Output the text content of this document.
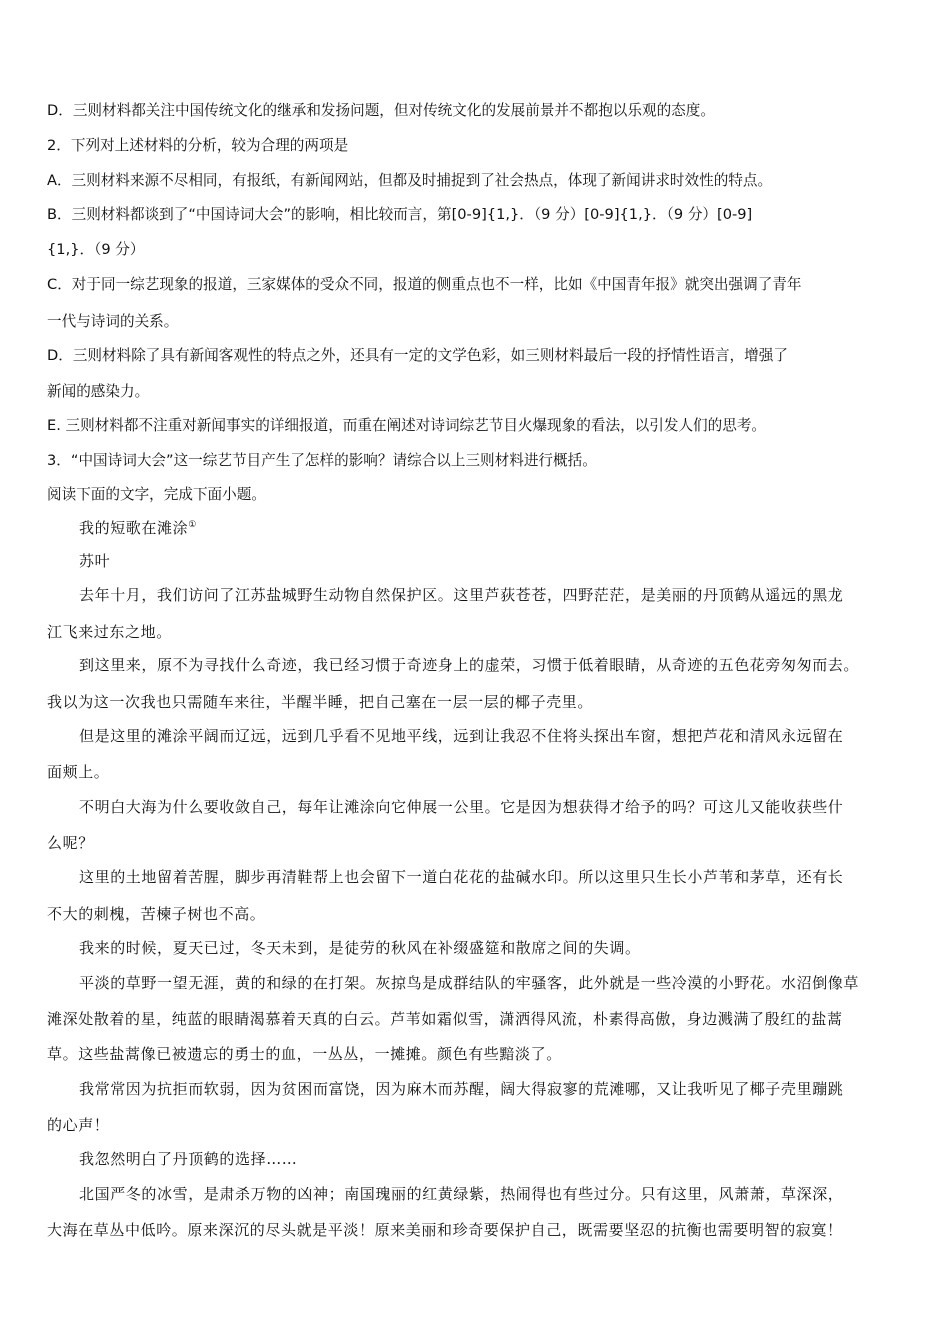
D．三则材料都关注中国传统文化的继承和发扬问题，但对传统文化的发展前景并不都抱以乐观的态度。
2．下列对上述材料的分析，较为合理的两项是
A．三则材料来源不尽相同，有报纸，有新闻网站，但都及时捕捉到了社会热点，体现了新闻讲求时效性的特点。
B．三则材料都谈到了“中国诗词大会”的影响，相比较而言，第[0-9]{1,}．（9 分）[0-9]{1,}．（9 分）[0-9]
{1,}．（9 分）
C．对于同一综艺现象的报道，三家媒体的受众不同，报道的侧重点也不一样，比如《中国青年报》就突出强调了青年
一代与诗词的关系。
D．三则材料除了具有新闻客观性的特点之外，还具有一定的文学色彩，如三则材料最后一段的抒情性语言，增强了
新闻的感染力。
E. 三则材料都不注重对新闻事实的详细报道，而重在阐述对诗词综艺节目火爆现象的看法，以引发人们的思考。
3．“中国诗词大会”这一综艺节目产生了怎样的影响？请综合以上三则材料进行概括。
阅读下面的文字，完成下面小题。
我的短歌在滩涂①
苏叶
去年十月，我们访问了江苏盐城野生动物自然保护区。这里芦荻苍苍，四野茫茫，是美丽的丹顶鹤从遥远的黑龙
江飞来过东之地。
到这里来，原不为寻找什么奇迹，我已经习惯于奇迹身上的虚荣，习惯于低着眼睛，从奇迹的五色花旁匆匆而去。
我以为这一次我也只需随车来往，半醒半睡，把自己塞在一层一层的椰子壳里。
但是这里的滩涂平阔而辽远，远到几乎看不见地平线，远到让我忍不住将头探出车窗，想把芦花和清风永远留在
面颊上。
不明白大海为什么要收敛自己，每年让滩涂向它伸展一公里。它是因为想获得才给予的吗？可这儿又能收获些什
么呢？
这里的土地留着苦腥，脚步再清鞋帮上也会留下一道白花花的盐碱水印。所以这里只生长小芦苇和茅草，还有长
不大的刺槐，苦楝子树也不高。
我来的时候，夏天已过，冬天未到，是徒劳的秋风在补缀盛筵和散席之间的失调。
平淡的草野一望无涯，黄的和绿的在打架。灰掠鸟是成群结队的牢骚客，此外就是一些冷漠的小野花。水沼倒像草
滩深处散着的星，纯蓝的眼睛渴慕着天真的白云。芦苇如霜似雪，潇洒得风流，朴素得高傲，身边溅满了殷红的盐蒿
草。这些盐蒿像已被遗忘的勇士的血，一丛丛，一摊摊。颜色有些黯淡了。
我常常因为抗拒而软弱，因为贫困而富饶，因为麻木而苏醒，阔大得寂寥的荒滩哪，又让我听见了椰子壳里蹦跳
的心声！
我忽然明白了丹顶鹤的选择……
北国严冬的冰雪，是肃杀万物的凶神；南国瑰丽的红黄绿紫，热闹得也有些过分。只有这里，风萧萧，草深深，
大海在草丛中低吟。原来深沉的尽头就是平淡！原来美丽和珍奇要保护自己，既需要坚忍的抗衡也需要明智的寂寞！
